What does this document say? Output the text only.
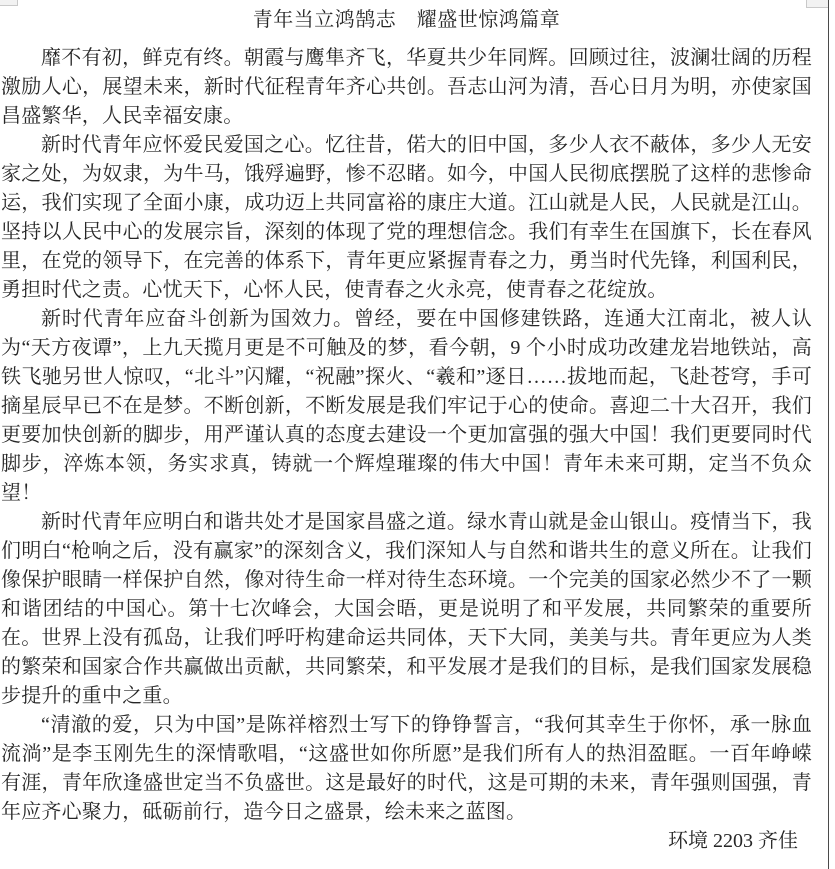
青年当立鸿鹄志　耀盛世惊鸿篇章

靡不有初，鲜克有终。朝霞与鹰隼齐飞，华夏共少年同辉。回顾过往，波澜壮阔的历程激励人心，展望未来，新时代征程青年齐心共创。吾志山河为清，吾心日月为明，亦使家国昌盛繁华，人民幸福安康。

新时代青年应怀爱民爱国之心。忆往昔，偌大的旧中国，多少人衣不蔽体，多少人无安家之处，为奴隶，为牛马，饿殍遍野，惨不忍睹。如今，中国人民彻底摆脱了这样的悲惨命运，我们实现了全面小康，成功迈上共同富裕的康庄大道。江山就是人民，人民就是江山。坚持以人民中心的发展宗旨，深刻的体现了党的理想信念。我们有幸生在国旗下，长在春风里，在党的领导下，在完善的体系下，青年更应紧握青春之力，勇当时代先锋，利国利民，勇担时代之责。心忧天下，心怀人民，使青春之火永亮，使青春之花绽放。

新时代青年应奋斗创新为国效力。曾经，要在中国修建铁路，连通大江南北，被人认为“天方夜谭”，上九天揽月更是不可触及的梦，看今朝，9 个小时成功改建龙岩地铁站，高铁飞驰另世人惊叹，“北斗”闪耀，“祝融”探火、“羲和”逐日……拔地而起，飞赴苍穹，手可摘星辰早已不在是梦。不断创新，不断发展是我们牢记于心的使命。喜迎二十大召开，我们更要加快创新的脚步，用严谨认真的态度去建设一个更加富强的强大中国！我们更要同时代脚步，淬炼本领，务实求真，铸就一个辉煌璀璨的伟大中国！青年未来可期，定当不负众望！

新时代青年应明白和谐共处才是国家昌盛之道。绿水青山就是金山银山。疫情当下，我们明白“枪响之后，没有赢家”的深刻含义，我们深知人与自然和谐共生的意义所在。让我们像保护眼睛一样保护自然，像对待生命一样对待生态环境。一个完美的国家必然少不了一颗和谐团结的中国心。第十七次峰会，大国会晤，更是说明了和平发展，共同繁荣的重要所在。世界上没有孤岛，让我们呼吁构建命运共同体，天下大同，美美与共。青年更应为人类的繁荣和国家合作共赢做出贡献，共同繁荣，和平发展才是我们的目标，是我们国家发展稳步提升的重中之重。

“清澈的爱，只为中国”是陈祥榕烈士写下的铮铮誓言，“我何其幸生于你怀，承一脉血流淌”是李玉刚先生的深情歌唱，“这盛世如你所愿”是我们所有人的热泪盈眶。一百年峥嵘有涯，青年欣逢盛世定当不负盛世。这是最好的时代，这是可期的未来，青年强则国强，青年应齐心聚力，砥砺前行，造今日之盛景，绘未来之蓝图。

环境 2203 齐佳
